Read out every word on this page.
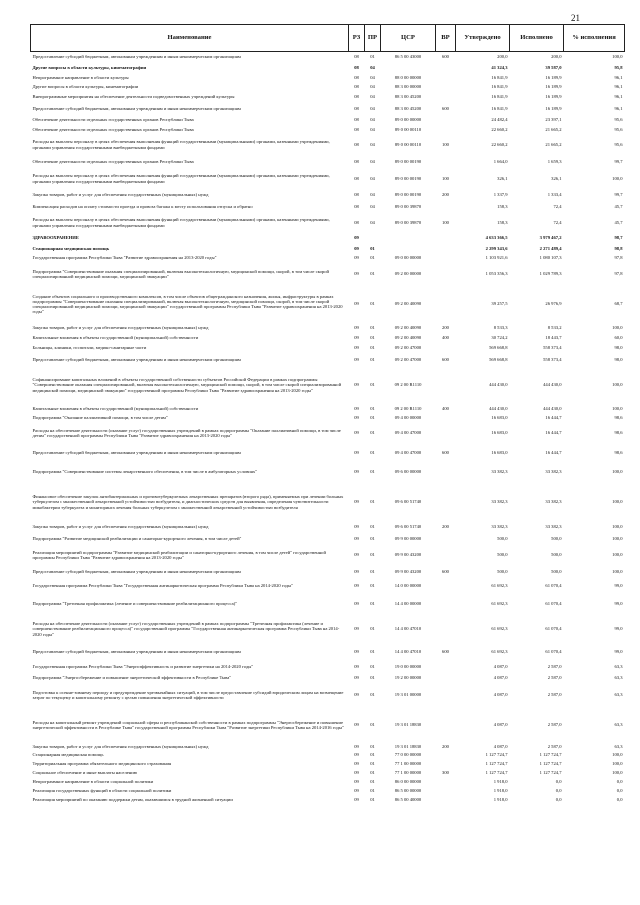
21
Наименование	РЗ	ПР	ЦСР	ВР	Утверждено	Исполнено	% исполнения
Предоставление субсидий бюджетным, автономным учреждениям и иным некоммерческим организациям	08	01	86 5 00 43000	600	200,0	200,0	100,0
Другие вопросы в области культуры, кинематографии	08	04			41 324,3	39 587,0	95,8
Непрограммное направление в области культуры	08	04	88 0 00 00000		16 841,9	16 189,9	96,1
Другие вопросы в области культуры, кинематографии	08	04	88 3 00 00000		16 841,9	16 189,9	96,1
Внепрограммные мероприятия на обеспечение деятельности подведомственных учреждений культуры	08	04	88 3 00 45200		16 841,9	16 189,9	96,1
Предоставление субсидий бюджетным, автономным учреждениям и иным некоммерческим организациям	08	04	88 3 00 45200	600	16 841,9	16 189,9	96,1
Обеспечение деятельности отдельных государственных органов Республики Тыва	08	04	89 0 00 00000		24 482,4	23 397,1	95,6
Обеспечение деятельности отдельных государственных органов Республики Тыва	08	04	89 0 00 00110		22 660,2	21 665,2	95,6
Расходы на выплаты персоналу в целях обеспечения выполнения функций государственными (муниципальными) органами, казенными учреждениями, органами управления государственными внебюджетными фондами	08	04	89 0 00 00110	100	22 660,2	21 665,2	95,6
Обеспечение деятельности отдельных государственных органов Республики Тыва	08	04	89 0 00 00190		1 664,0	1 659,3	99,7
Расходы на выплаты персоналу в целях обеспечения выполнения функций государственными (муниципальными) органами, казенными учреждениями, органами управления государственными внебюджетными фондами	08	04	89 0 00 00190	100	326,1	326,1	100,0
Закупка товаров, работ и услуг для обеспечения государственных (муниципальных) нужд	08	04	89 0 00 00190	200	1 337,9	1 333,4	99,7
Компенсация расходов на оплату стоимости проезда и провоза багажа к месту использования отпуска и обратно	08	04	89 0 00 39870		158,3	72,4	45,7
Расходы на выплаты персоналу в целях обеспечения выполнения функций государственными (муниципальными) органами, казенными учреждениями, органами управления государственными внебюджетными фондами	08	04	89 0 00 39870	100	158,3	72,4	45,7
ЗДРАВООХРАНЕНИЕ	09				4 633 366,5	3 979 467,2	98,7
Стационарная медицинская помощь	09	01			2 299 343,6	2 271 489,4	98,8
Государственная программа Республики Тыва "Развитие здравоохранения на 2013-2020 годы"	09	01	09 0 00 00000		1 103 921,6	1 080 107,3	97,8
Подпрограмма "Совершенствование оказания специализированной, включая высокотехнологичную, медицинской помощи, скорой, в том числе скорой специализированной медицинской помощи, медицинской эвакуации"	09	01	09 2 00 00000		1 053 356,3	1 029 789,3	97,8
Создание объектов социального и производственного комплексов, в том числе объектов общегражданского назначения, жилья, инфраструктуры в рамках подпрограммы "Совершенствование оказания специализированной, включая высокотехнологичную, медицинской помощи, скорой, в том числе скорой специализированной медицинской помощи, медицинской эвакуации" государственной программы Республики Тыва "Развитие здравоохранения на 2013-2020 годы"	09	01	09 2 00 40090		39 257,5	26 976,9	68,7
Закупка товаров, работ и услуг для обеспечения государственных (муниципальных) нужд	09	01	09 2 00 40090	200	8 533,3	8 533,2	100,0
Капитальные вложения в объекты государственной (муниципальной) собственности	09	01	09 2 00 40090	400	30 724,2	18 443,7	60,0
Больницы, клиники, госпитали, медико-санитарные части	09	01	09 2 00 47000		569 668,8	558 373,4	98,0
Предоставление субсидий бюджетным, автономным учреждениям и иным некоммерческим организациям	09	01	09 2 00 47000	600	569 668,8	558 373,4	98,0
Софинансирование капитальных вложений в объекты государственной собственности субъектов Российской Федерации в рамках подпрограммы "Совершенствование оказания специализированной, включая высокотехнологичную, медицинской помощи, скорой, в том числе скорой специализированной медицинской помощи, медицинской эвакуации" государственной программы Республики Тыва "Развитие здравоохранения на 2013-2020 годы"	09	01	09 2 00 R1110		444 430,0	444 430,0	100,0
Капитальные вложения в объекты государственной (муниципальной) собственности	09	01	09 2 00 R1110	400	444 430,0	444 430,0	100,0
Подпрограмма "Оказание паллиативной помощи, в том числе детям"	09	01	09 4 00 00000		16 683,0	16 444,7	98,6
Расходы на обеспечение деятельности (оказание услуг) государственных учреждений в рамках подпрограммы "Оказание паллиативной помощи, в том числе детям" государственной программы Республики Тыва "Развитие здравоохранения на 2013-2020 годы"	09	01	09 4 00 47000		16 683,0	16 444,7	98,6
Предоставление субсидий бюджетным, автономным учреждениям и иным некоммерческим организациям	09	01	09 4 00 47000	600	16 683,0	16 444,7	98,6
Подпрограмма "Совершенствование системы лекарственного обеспечения, в том числе в амбулаторных условиях"	09	01	09 6 00 00000		33 382,3	33 382,3	100,0
Финансовое обеспечение закупок антибактериальных и противотуберкулезных лекарственных препаратов (второго ряда), применяемых при лечении больных туберкулезом с множественной лекарственной устойчивостью возбудителя, и диагностических средств для выявления, определения чувствительности микобактерии туберкулеза и мониторинга лечения больных туберкулезом с множественной лекарственной устойчивостью возбудителя	09	01	09 6 00 51740		33 382,3	33 382,3	100,0
Закупка товаров, работ и услуг для обеспечения государственных (муниципальных) нужд	09	01	09 6 00 51740	200	33 382,3	33 382,3	100,0
Подпрограмма "Развитие медицинской реабилитации и санаторно-курортного лечения, в том числе детей"	09	01	09 9 00 00000		500,0	500,0	100,0
Реализация мероприятий подпрограммы "Развитие медицинской реабилитации и санаторно-курортного лечения, в том числе детей" государственной программы Республики Тыва "Развитие здравоохранения на 2013-2020 годы"	09	01	09 9 00 43200		500,0	500,0	100,0
Предоставление субсидий бюджетным, автономным учреждениям и иным некоммерческим организациям	09	01	09 9 00 43200	600	500,0	500,0	100,0
Государственная программа Республики Тыва "Государственная антинаркотическая программа Республики Тыва на 2014-2020 годы"	09	01	14 0 00 00000		61 692,3	61 070,4	99,0
Подпрограмма "Третичная профилактика (лечение и совершенствование реабилитационного процесса)"	09	01	14 4 00 00000		61 692,3	61 070,4	99,0
Расходы на обеспечение деятельности (оказание услуг) государственных учреждений в рамках подпрограммы "Третичная профилактика (лечение и совершенствование реабилитационного процесса)" государственной программы "Государственная антинаркотическая программа Республики Тыва на 2014-2020 годы"	09	01	14 4 00 47010		61 692,3	61 070,4	99,0
Предоставление субсидий бюджетным, автономным учреждениям и иным некоммерческим организациям	09	01	14 4 00 47010	600	61 692,3	61 070,4	99,0
Государственная программа Республики Тыва "Энергоэффективность и развитие энергетики на 2014-2020 годы"	09	01	19 0 00 00000		4 087,0	2 587,0	63,3
Подпрограмма "Энергосбережение и повышение энергетической эффективности в Республике Тыва"	09	01	19 2 00 00000		4 087,0	2 587,0	63,3
Подготовка к осенне-зимнему периоду и предупреждение чрезвычайных ситуаций, в том числе предоставление субсидий юридическим лицам на возмещение затрат по текущему и капитальному ремонту с целью повышения энергетической эффективности	09	01	19 3 01 00000		4 087,0	2 587,0	63,3
Расходы на капитальный ремонт учреждений социальной сферы и республиканской собственности в рамках подпрограммы "Энергосбережение и повышение энергетической эффективности в Республике Тыва" государственной программы Республики Тыва "Развитие энергетики Республики Тыва на 2014-2016 годы"	09	01	19 3 01 18830		4 087,0	2 587,0	63,3
Закупка товаров, работ и услуг для обеспечения государственных (муниципальных) нужд	09	01	19 3 01 18830	200	4 087,0	2 587,0	63,3
Стационарная медицинская помощь	09	01	77 0 00 00000		1 127 724,7	1 127 724,7	100,0
Территориальная программа обязательного медицинского страхования	09	01	77 1 00 00000		1 127 724,7	1 127 724,7	100,0
Социальное обеспечение и иные выплаты населению	09	01	77 1 00 00000	300	1 127 724,7	1 127 724,7	100,0
Непрограммное направление в области социальной политики	09	01	86 0 00 00000		1 918,0	0,0	0,0
Реализация государственных функций в области социальной политики	09	01	86 5 00 00000		1 918,0	0,0	0,0
Реализация мероприятий по оказанию поддержки детям, оказавшимся в трудной жизненной ситуации	09	01	86 5 00 40000		1 918,0	0,0	0,0
